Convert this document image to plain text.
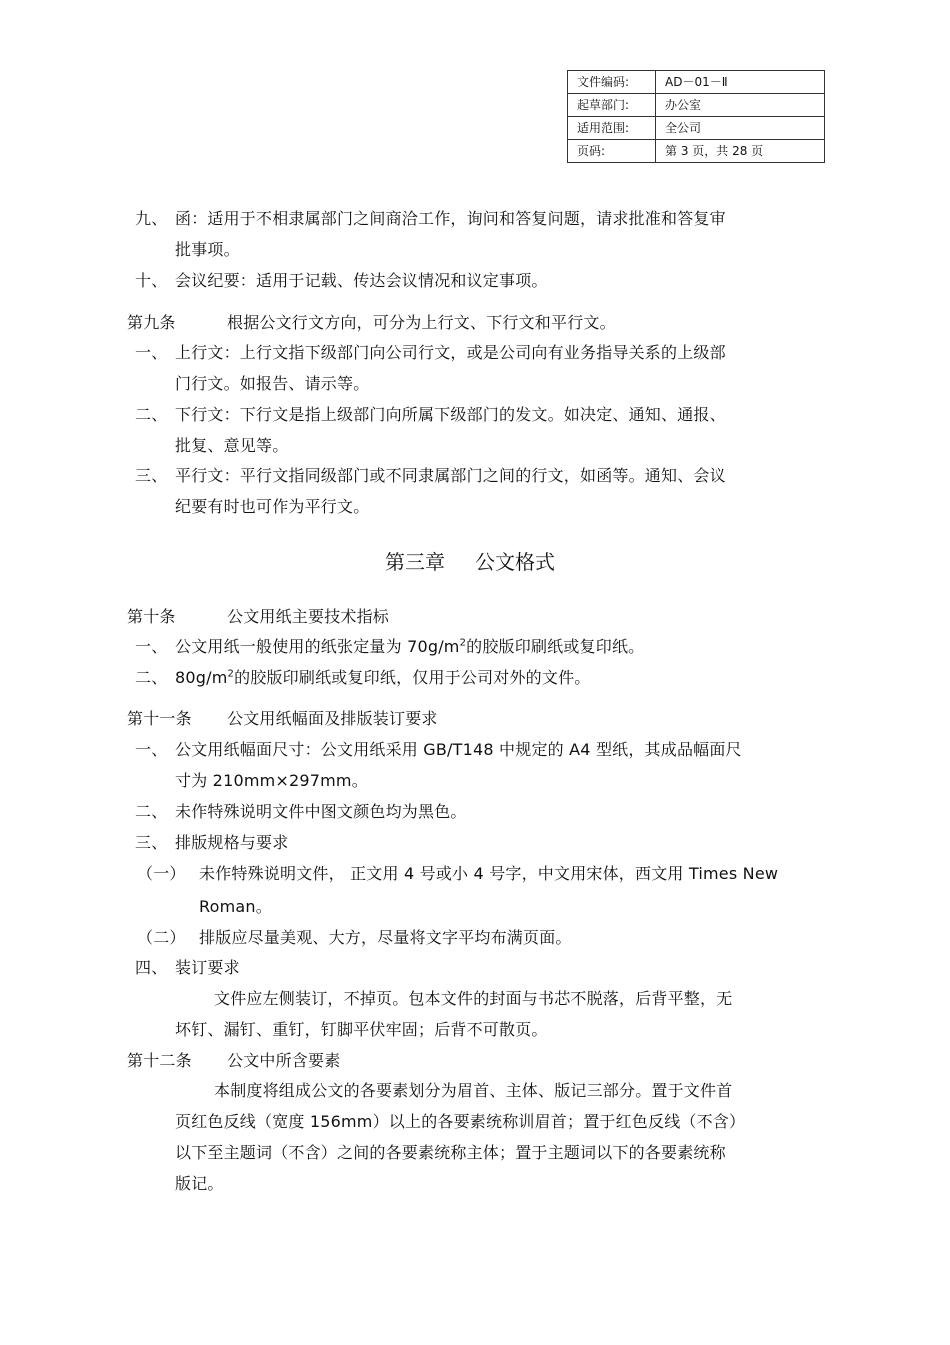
文件编码:	AD－01－Ⅱ
起草部门:	办公室
适用范围:	全公司
页码:	第 3 页，共 28 页
九、 函：适用于不相隶属部门之间商洽工作，询问和答复问题，请求批准和答复审
批事项。
十、 会议纪要：适用于记载、传达会议情况和议定事项。
第九条	根据公文行文方向，可分为上行文、下行文和平行文。
一、 上行文：上行文指下级部门向公司行文，或是公司向有业务指导关系的上级部
门行文。如报告、请示等。
二、 下行文：下行文是指上级部门向所属下级部门的发文。如决定、通知、通报、
批复、意见等。
三、 平行文：平行文指同级部门或不同隶属部门之间的行文，如函等。通知、会议
纪要有时也可作为平行文。
第三章 公文格式
第十条	公文用纸主要技术指标
一、 公文用纸一般使用的纸张定量为 $70g/m^2$的胶版印刷纸或复印纸。
二、 $80g/m^2$的胶版印刷纸或复印纸，仅用于公司对外的文件。
第十一条 公文用纸幅面及排版装订要求
一、 公文用纸幅面尺寸：公文用纸采用 GB/T148 中规定的 A4 型纸，其成品幅面尺
寸为 210mm×297mm。
二、 未作特殊说明文件中图文颜色均为黑色。
三、 排版规格与要求
（一） 未作特殊说明文件， 正文用 4 号或小 4 号字，中文用宋体，西文用 Times New
Roman。
（二） 排版应尽量美观、大方，尽量将文字平均布满页面。
四、 装订要求
文件应左侧装订，不掉页。包本文件的封面与书芯不脱落，后背平整，无
坏钉、漏钉、重钉，钉脚平伏牢固；后背不可散页。
第十二条 公文中所含要素
本制度将组成公文的各要素划分为眉首、主体、版记三部分。置于文件首
页红色反线（宽度 156mm）以上的各要素统称训眉首；置于红色反线（不含）
以下至主题词（不含）之间的各要素统称主体；置于主题词以下的各要素统称
版记。
